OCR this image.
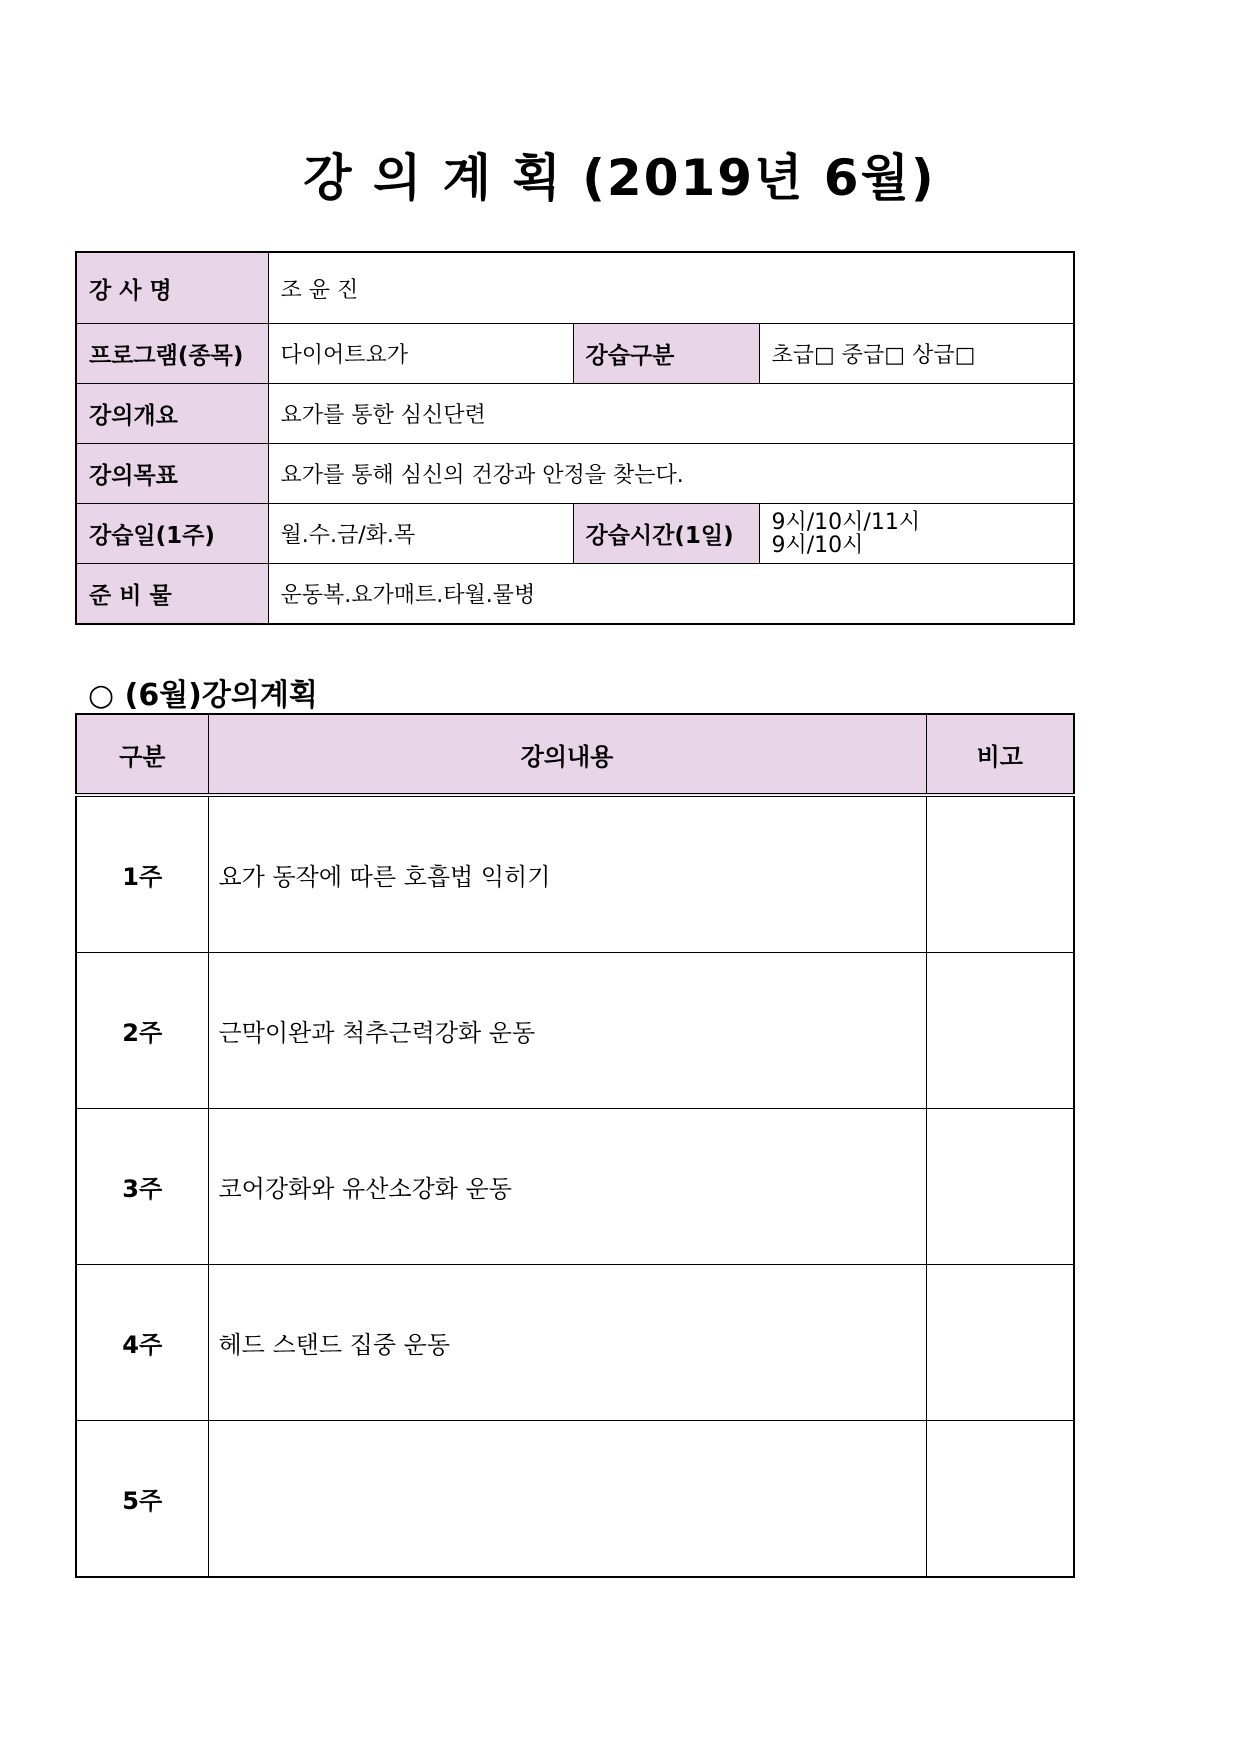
강 의 계 획 (2019년 6월)
강 사 명	조 윤 진		
프로그램(종목)	다이어트요가	강습구분	초급□ 중급□ 상급□
강의개요	요가를 통한 심신단련		
강의목표	요가를 통해 심신의 건강과 안정을 찾는다.		
강습일(1주)	월.수.금/화.목	강습시간(1일)	9시/10시/11시
9시/10시

준 비 물	운동복.요가매트.타월.물병		
○ (6월)강의계획
구분	강의내용	비고
1주	요가 동작에 따른 호흡법 익히기	
2주	근막이완과 척추근력강화 운동	
3주	코어강화와 유산소강화 운동	
4주	헤드 스탠드 집중 운동	
5주		
